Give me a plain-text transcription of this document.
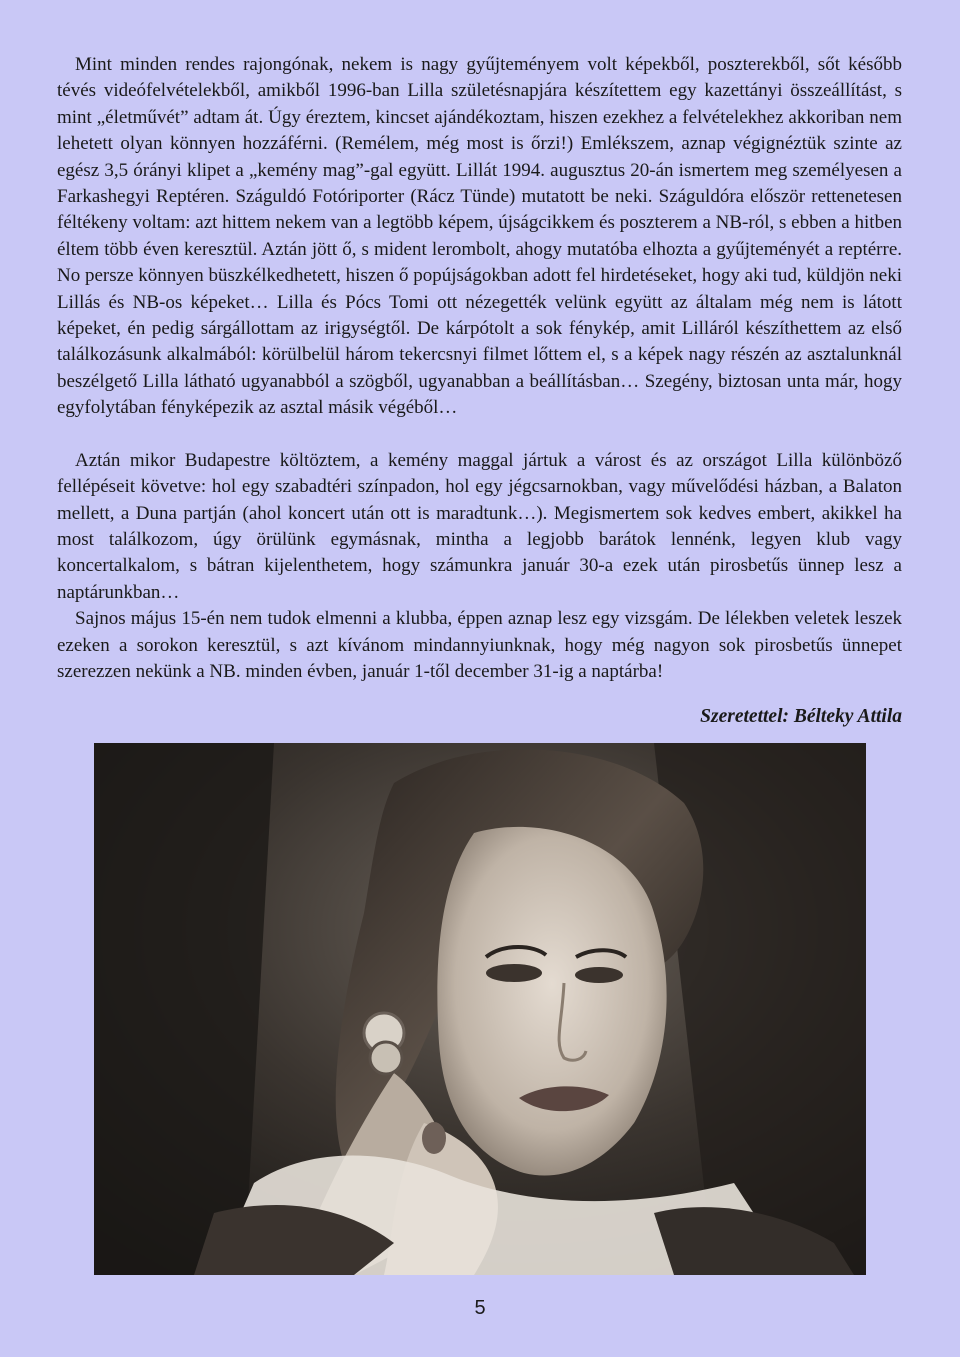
Mint minden rendes rajongónak, nekem is nagy gyűjteményem volt képekből, poszterekből, sőt később tévés videófelvételekből, amikből 1996-ban Lilla születésnapjára készítettem egy kazettányi összeállítást, s mint „életművét” adtam át. Úgy éreztem, kincset ajándékoztam, hiszen ezekhez a felvételekhez akkoriban nem lehetett olyan könnyen hozzáférni. (Remélem, még most is őrzi!) Emlékszem, aznap végignéztük szinte az egész 3,5 órányi klipet a „kemény mag”-gal együtt. Lillát 1994. augusztus 20-án ismertem meg személyesen a Farkashegyi Reptéren. Száguldó Fotóriporter (Rácz Tünde) mutatott be neki. Száguldóra először rettenetesen féltékeny voltam: azt hittem nekem van a legtöbb képem, újságcikkem és poszterem a NB-ról, s ebben a hitben éltem több éven keresztül. Aztán jött ő, s mident lerombolt, ahogy mutatóba elhozta a gyűjteményét a reptérre. No persze könnyen büszkélkedhetett, hiszen ő popújságokban adott fel hirdetéseket, hogy aki tud, küldjön neki Lillás és NB-os képeket… Lilla és Pócs Tomi ott nézegették velünk együtt az általam még nem is látott képeket, én pedig sárgállottam az irigységtől. De kárpótolt a sok fénykép, amit Lilláról készíthettem az első találkozásunk alkalmából: körülbelül három tekercsnyi filmet lőttem el, s a képek nagy részén az asztalunknál beszélgető Lilla látható ugyanabból a szögből, ugyanabban a beállításban… Szegény, biztosan unta már, hogy egyfolytában fényképezik az asztal másik végéből…

Aztán mikor Budapestre költöztem, a kemény maggal jártuk a várost és az országot Lilla különböző fellépéseit követve: hol egy szabadtéri színpadon, hol egy jégcsarnokban, vagy művelődési házban, a Balaton mellett, a Duna partján (ahol koncert után ott is maradtunk…). Megismertem sok kedves embert, akikkel ha most találkozom, úgy örülünk egymásnak, mintha a legjobb barátok lennénk, legyen klub vagy koncertalkalom, s bátran kijelenthetem, hogy számunkra január 30-a ezek után pirosbetűs ünnep lesz a naptárunkban…

Sajnos május 15-én nem tudok elmenni a klubba, éppen aznap lesz egy vizsgám. De lélekben veletek leszek ezeken a sorokon keresztül, s azt kívánom mindannyiunknak, hogy még nagyon sok pirosbetűs ünnepet szerezzen nekünk a NB. minden évben, január 1-től december 31-ig a naptárba!

Szeretettel: Bélteky Attila
5
